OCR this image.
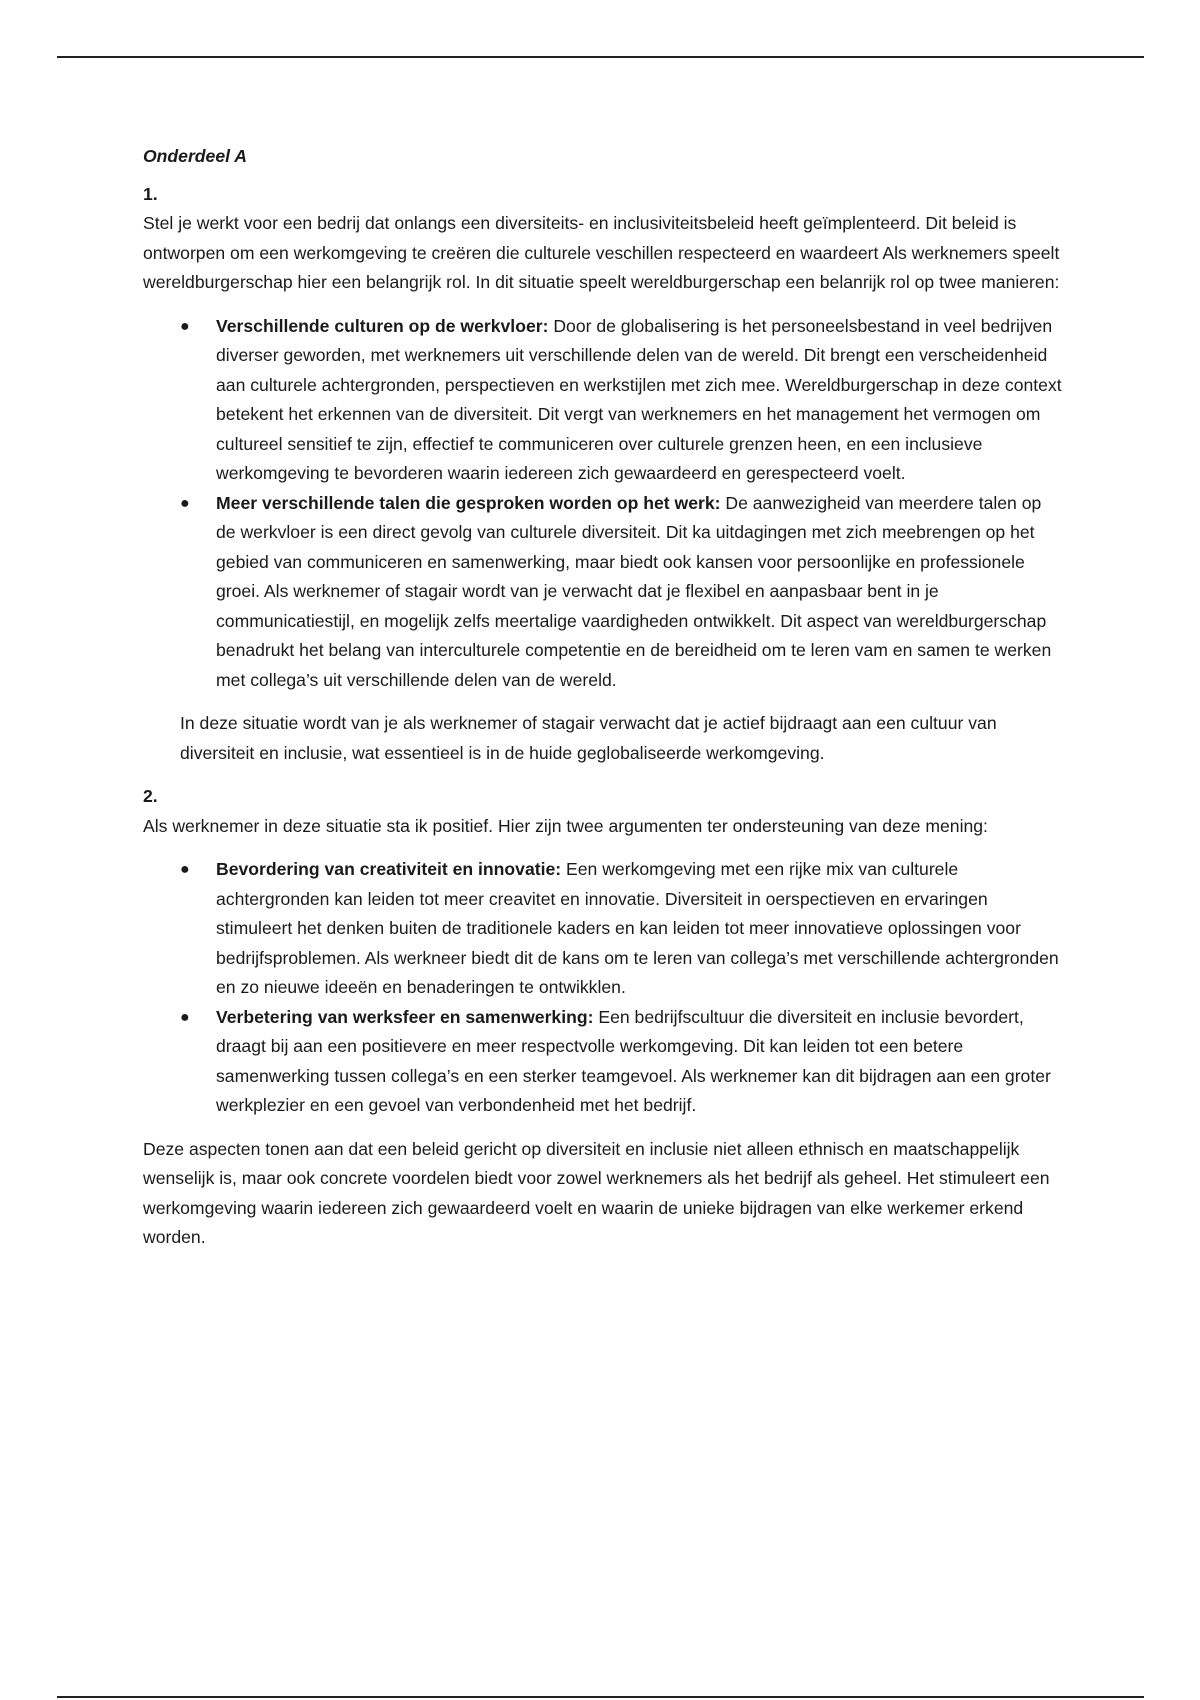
Onderdeel A

1.

Stel je werkt voor een bedrij dat onlangs een diversiteits- en inclusiviteitsbeleid heeft geïmplenteerd. Dit beleid is ontworpen om een werkomgeving te creëren die culturele veschillen respecteerd en waardeert Als werknemers speelt wereldburgerschap hier een belangrijk rol. In dit situatie speelt wereldburgerschap een belanrijk rol op twee manieren:

● Verschillende culturen op de werkvloer: Door de globalisering is het personeelsbestand in veel bedrijven diverser geworden, met werknemers uit verschillende delen van de wereld. Dit brengt een verscheidenheid aan culturele achtergronden, perspectieven en werkstijlen met zich mee. Wereldburgerschap in deze context betekent het erkennen van de diversiteit. Dit vergt van werknemers en het management het vermogen om cultureel sensitief te zijn, effectief te communiceren over culturele grenzen heen, en een inclusieve werkomgeving te bevorderen waarin iedereen zich gewaardeerd en gerespecteerd voelt.
● Meer verschillende talen die gesproken worden op het werk: De aanwezigheid van meerdere talen op de werkvloer is een direct gevolg van culturele diversiteit. Dit ka uitdagingen met zich meebrengen op het gebied van communiceren en samenwerking, maar biedt ook kansen voor persoonlijke en professionele groei. Als werknemer of stagair wordt van je verwacht dat je flexibel en aanpasbaar bent in je communicatiestijl, en mogelijk zelfs meertalige vaardigheden ontwikkelt. Dit aspect van wereldburgerschap benadrukt het belang van interculturele competentie en de bereidheid om te leren vam en samen te werken met collega’s uit verschillende delen van de wereld.

In deze situatie wordt van je als werknemer of stagair verwacht dat je actief bijdraagt aan een cultuur van diversiteit en inclusie, wat essentieel is in de huide geglobaliseerde werkomgeving.

2.

Als werknemer in deze situatie sta ik positief. Hier zijn twee argumenten ter ondersteuning van deze mening:

● Bevordering van creativiteit en innovatie: Een werkomgeving met een rijke mix van culturele achtergronden kan leiden tot meer creavitet en innovatie. Diversiteit in oerspectieven en ervaringen stimuleert het denken buiten de traditionele kaders en kan leiden tot meer innovatieve oplossingen voor bedrijfsproblemen. Als werkneer biedt dit de kans om te leren van collega’s met verschillende achtergronden en zo nieuwe ideeën en benaderingen te ontwikklen.
● Verbetering van werksfeer en samenwerking: Een bedrijfscultuur die diversiteit en inclusie bevordert, draagt bij aan een positievere en meer respectvolle werkomgeving. Dit kan leiden tot een betere samenwerking tussen collega’s en een sterker teamgevoel. Als werknemer kan dit bijdragen aan een groter werkplezier en een gevoel van verbondenheid met het bedrijf.

Deze aspecten tonen aan dat een beleid gericht op diversiteit en inclusie niet alleen ethnisch en maatschappelijk wenselijk is, maar ook concrete voordelen biedt voor zowel werknemers als het bedrijf als geheel. Het stimuleert een werkomgeving waarin iedereen zich gewaardeerd voelt en waarin de unieke bijdragen van elke werkemer erkend worden.
